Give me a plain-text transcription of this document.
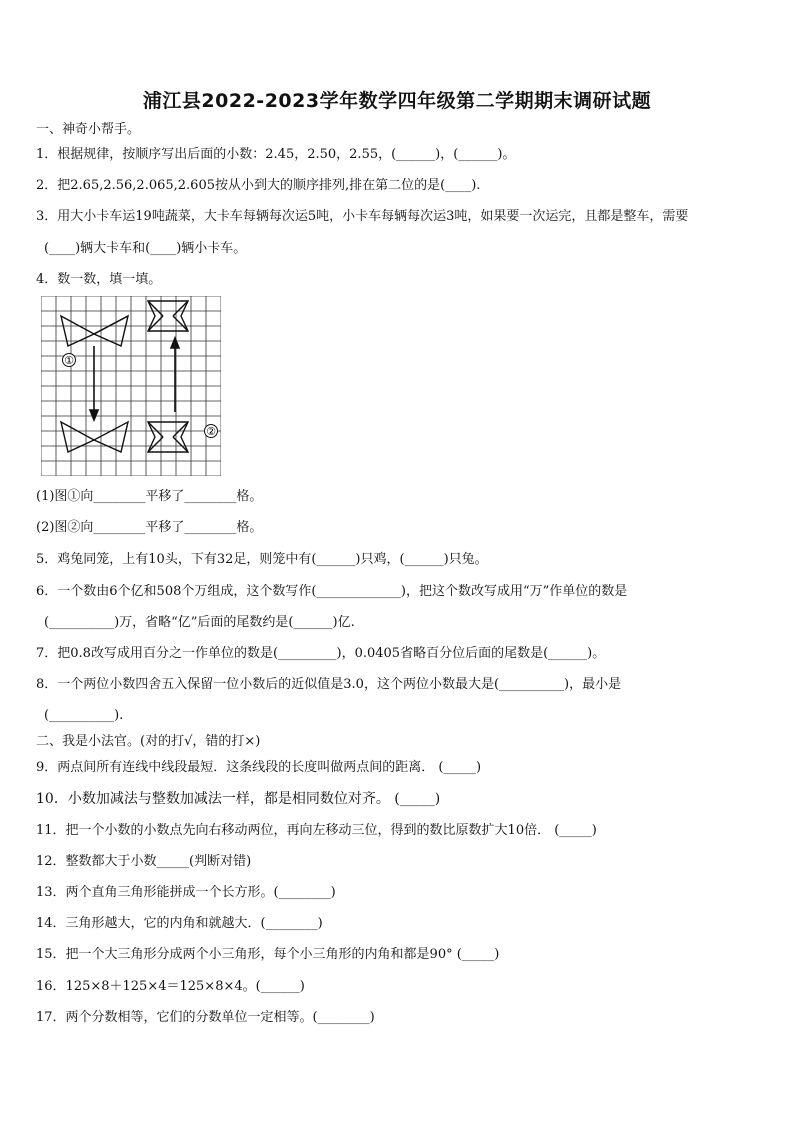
浦江县2022-2023学年数学四年级第二学期期末调研试题
一、神奇小帮手。
1．根据规律，按顺序写出后面的小数：2.45，2.50，2.55，(______)，(______)。
2．把2.65,2.56,2.065,2.605按从小到大的顺序排列,排在第二位的是(____).
3．用大小卡车运19吨蔬菜，大卡车每辆每次运5吨，小卡车每辆每次运3吨，如果要一次运完，且都是整车，需要
(____)辆大卡车和(____)辆小卡车。
4．数一数，填一填。
①
②
(1)图①向________平移了________格。
(2)图②向________平移了________格。
5．鸡兔同笼，上有10头，下有32足，则笼中有(______)只鸡，(______)只兔。
6．一个数由6个亿和508个万组成，这个数写作(_____________)，把这个数改写成用“万”作单位的数是
(__________)万，省略“亿”后面的尾数约是(______)亿.
7．把0.8改写成用百分之一作单位的数是(_________)，0.0405省略百分位后面的尾数是(______)。
8．一个两位小数四舍五入保留一位小数后的近似值是3.0，这个两位小数最大是(__________)，最小是
(__________).
二、我是小法官。(对的打√，错的打×)
9．两点间所有连线中线段最短．这条线段的长度叫做两点间的距离． (_____)
10．小数加减法与整数加减法一样，都是相同数位对齐。 (_____)
11．把一个小数的小数点先向右移动两位，再向左移动三位，得到的数比原数扩大10倍． (_____)
12．整数都大于小数_____(判断对错)
13．两个直角三角形能拼成一个长方形。(________)
14．三角形越大，它的内角和就越大．(________)
15．把一个大三角形分成两个小三角形，每个小三角形的内角和都是90° (_____)
16．125×8＋125×4＝125×8×4。(______)
17．两个分数相等，它们的分数单位一定相等。(________)
